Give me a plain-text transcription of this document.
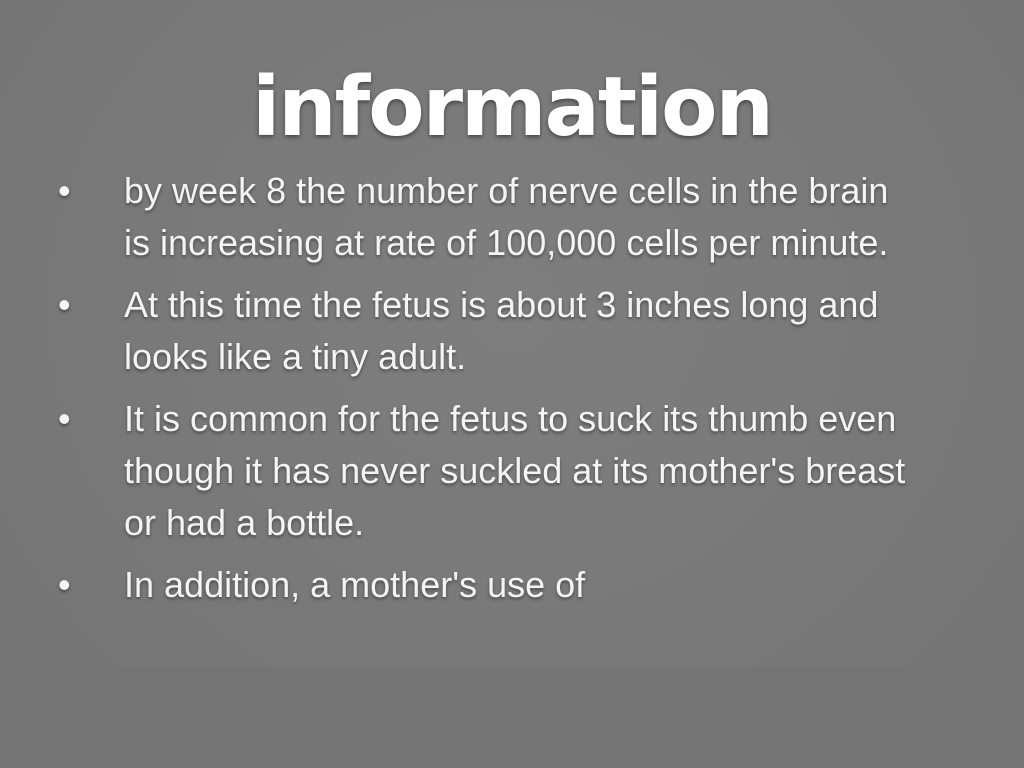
information
• by week 8 the number of nerve cells in the brain is increasing at rate of 100,000 cells per minute.
• At this time the fetus is about 3 inches long and looks like a tiny adult.
• It is common for the fetus to suck its thumb even though it has never suckled at its mother's breast or had a bottle.
• In addition, a mother's use of
